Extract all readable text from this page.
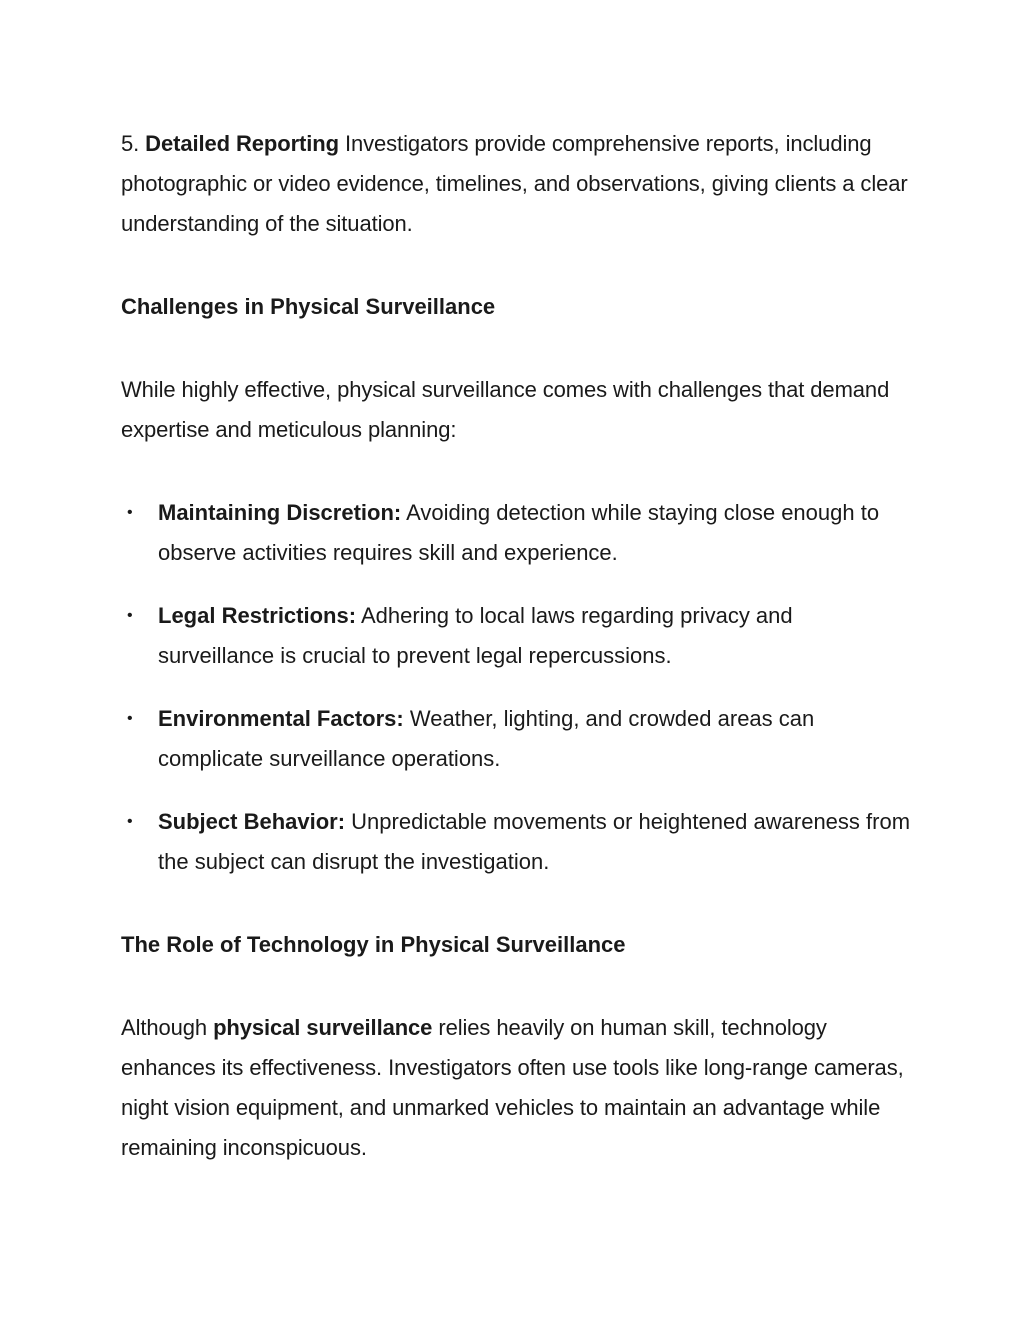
5. Detailed Reporting Investigators provide comprehensive reports, including photographic or video evidence, timelines, and observations, giving clients a clear understanding of the situation.

Challenges in Physical Surveillance

While highly effective, physical surveillance comes with challenges that demand expertise and meticulous planning:

• Maintaining Discretion: Avoiding detection while staying close enough to observe activities requires skill and experience.
• Legal Restrictions: Adhering to local laws regarding privacy and surveillance is crucial to prevent legal repercussions.
• Environmental Factors: Weather, lighting, and crowded areas can complicate surveillance operations.
• Subject Behavior: Unpredictable movements or heightened awareness from the subject can disrupt the investigation.
The Role of Technology in Physical Surveillance

Although physical surveillance relies heavily on human skill, technology enhances its effectiveness. Investigators often use tools like long-range cameras, night vision equipment, and unmarked vehicles to maintain an advantage while remaining inconspicuous.
